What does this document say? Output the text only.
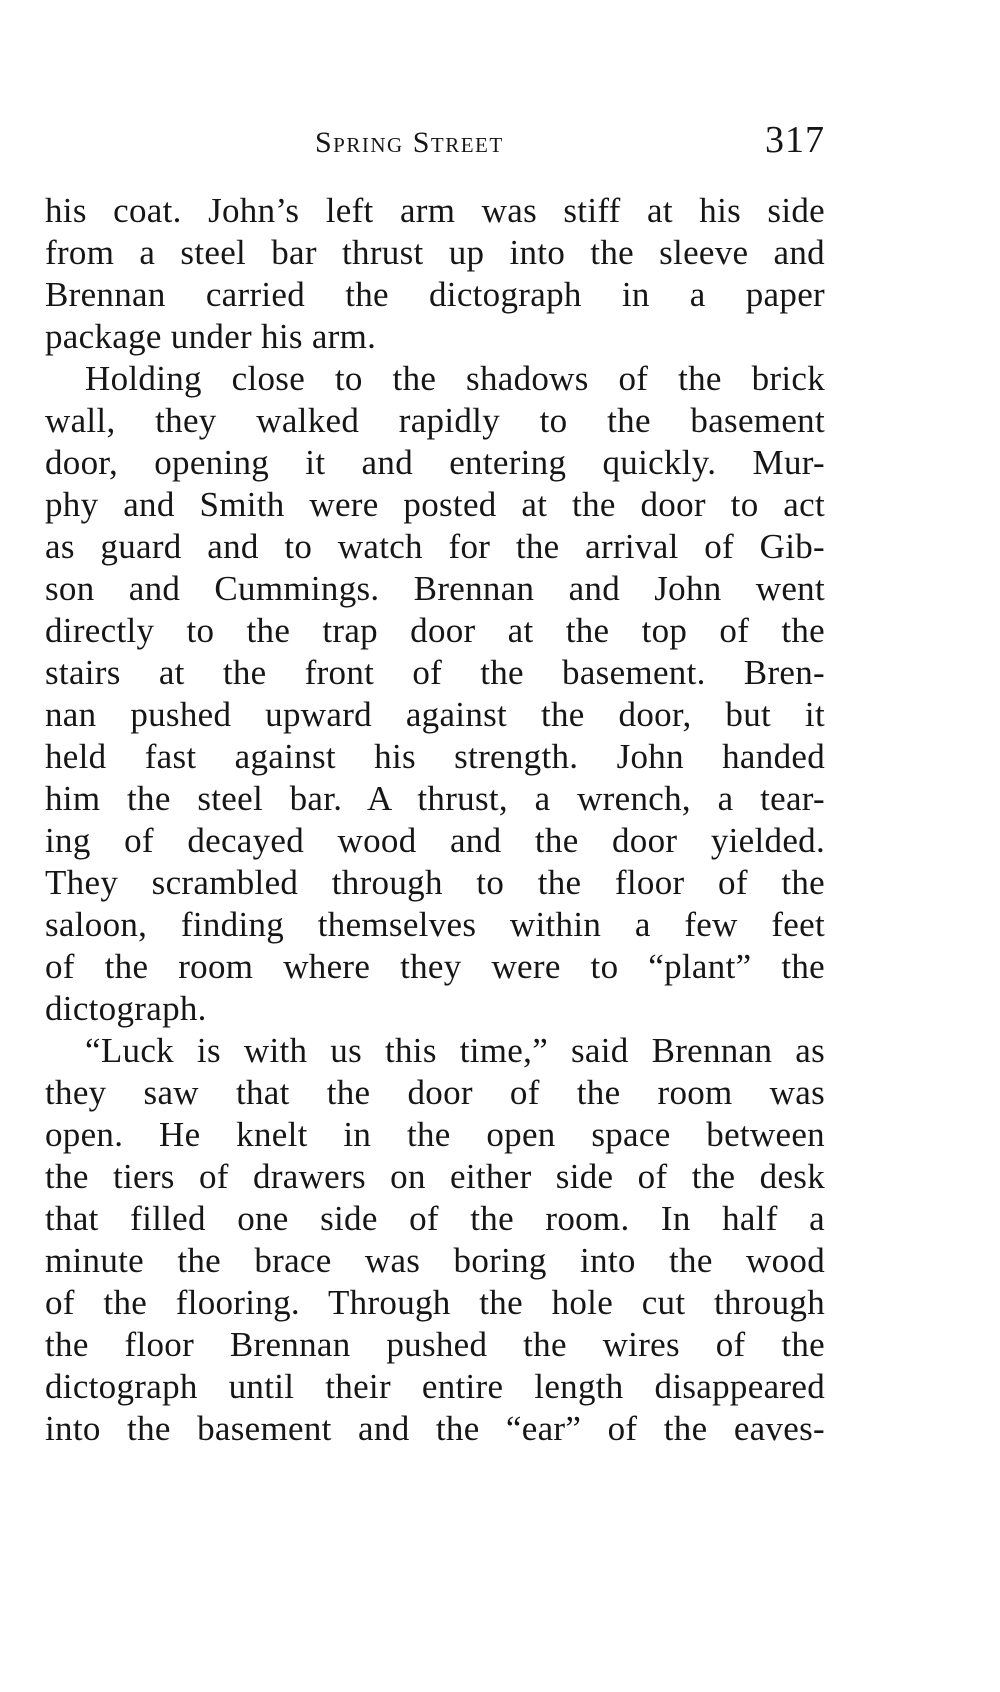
Spring Street	317
his coat. John’s left arm was stiff at his side
from a steel bar thrust up into the sleeve and
Brennan carried the dictograph in a paper
package under his arm.
Holding close to the shadows of the brick
wall, they walked rapidly to the basement
door, opening it and entering quickly. Mur-
phy and Smith were posted at the door to act
as guard and to watch for the arrival of Gib-
son and Cummings. Brennan and John went
directly to the trap door at the top of the
stairs at the front of the basement. Bren-
nan pushed upward against the door, but it
held fast against his strength. John handed
him the steel bar. A thrust, a wrench, a tear-
ing of decayed wood and the door yielded.
They scrambled through to the floor of the
saloon, finding themselves within a few feet
of the room where they were to “plant” the
dictograph.
“Luck is with us this time,” said Brennan as
they saw that the door of the room was
open. He knelt in the open space between
the tiers of drawers on either side of the desk
that filled one side of the room. In half a
minute the brace was boring into the wood
of the flooring. Through the hole cut through
the floor Brennan pushed the wires of the
dictograph until their entire length disappeared
into the basement and the “ear” of the eaves-
